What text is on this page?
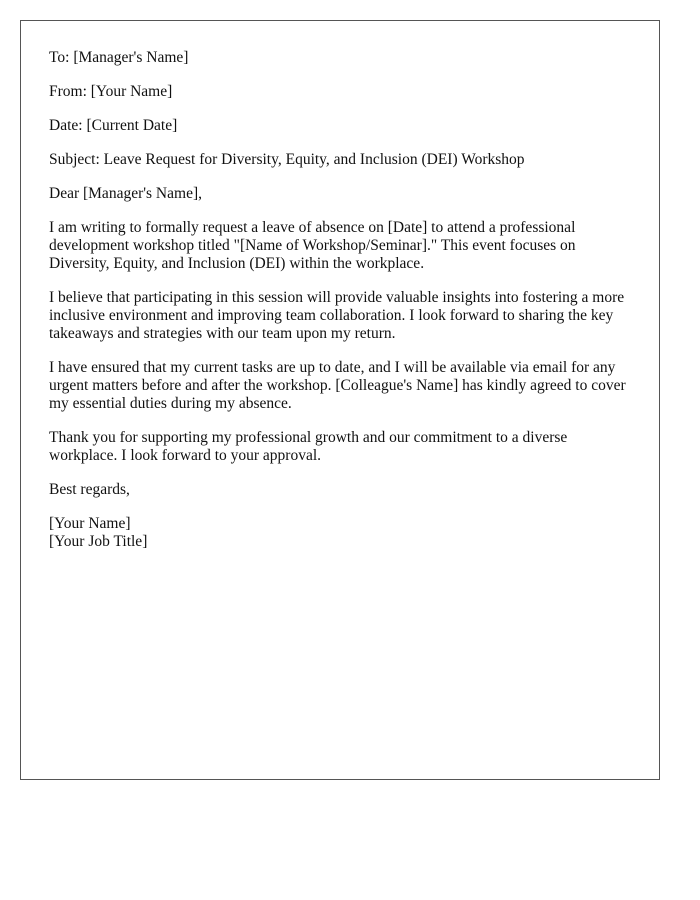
To: [Manager's Name]
From: [Your Name]
Date: [Current Date]
Subject: Leave Request for Diversity, Equity, and Inclusion (DEI) Workshop
Dear [Manager's Name],
I am writing to formally request a leave of absence on [Date] to attend a professional development workshop titled "[Name of Workshop/Seminar]." This event focuses on Diversity, Equity, and Inclusion (DEI) within the workplace.
I believe that participating in this session will provide valuable insights into fostering a more inclusive environment and improving team collaboration. I look forward to sharing the key takeaways and strategies with our team upon my return.
I have ensured that my current tasks are up to date, and I will be available via email for any urgent matters before and after the workshop. [Colleague's Name] has kindly agreed to cover my essential duties during my absence.
Thank you for supporting my professional growth and our commitment to a diverse workplace. I look forward to your approval.
Best regards,
[Your Name]
[Your Job Title]
